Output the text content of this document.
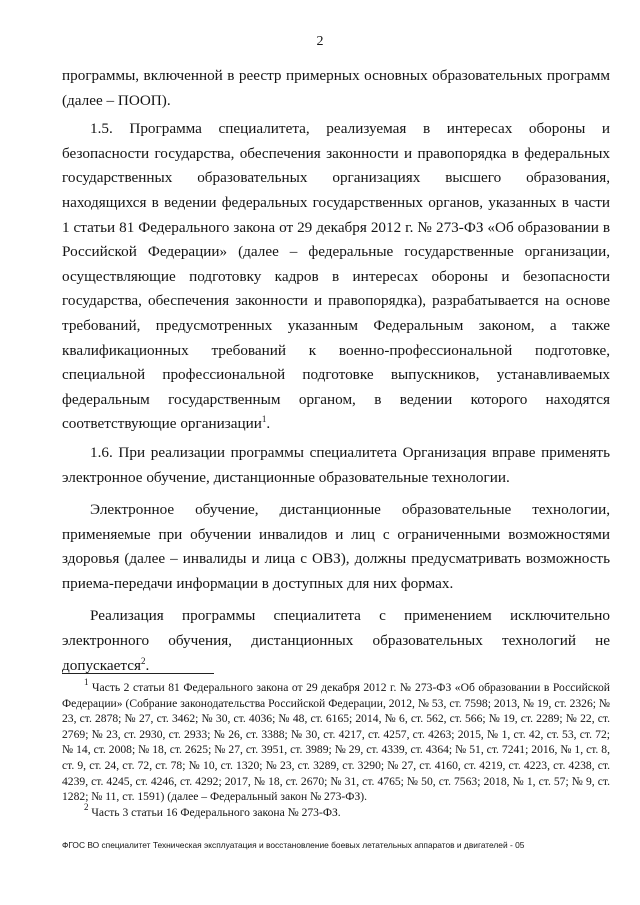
2

программы, включенной в реестр примерных основных образовательных программ (далее – ПООП).

1.5. Программа специалитета, реализуемая в интересах обороны и безопасности государства, обеспечения законности и правопорядка в федеральных государственных образовательных организациях высшего образования, находящихся в ведении федеральных государственных органов, указанных в части 1 статьи 81 Федерального закона от 29 декабря 2012 г. № 273-ФЗ «Об образовании в Российской Федерации» (далее – федеральные государственные организации, осуществляющие подготовку кадров в интересах обороны и безопасности государства, обеспечения законности и правопорядка), разрабатывается на основе требований, предусмотренных указанным Федеральным законом, а также квалификационных требований к военно-профессиональной подготовке, специальной профессиональной подготовке выпускников, устанавливаемых федеральным государственным органом, в ведении которого находятся соответствующие организации$^1$.

1.6. При реализации программы специалитета Организация вправе применять электронное обучение, дистанционные образовательные технологии.

Электронное обучение, дистанционные образовательные технологии, применяемые при обучении инвалидов и лиц с ограниченными возможностями здоровья (далее – инвалиды и лица с ОВЗ), должны предусматривать возможность приема-передачи информации в доступных для них формах.

Реализация программы специалитета с применением исключительно электронного обучения, дистанционных образовательных технологий не допускается$^2$.

$^1$ Часть 2 статьи 81 Федерального закона от 29 декабря 2012 г. № 273-ФЗ «Об образовании в Российской Федерации» (Собрание законодательства Российской Федерации, 2012, № 53, ст. 7598; 2013, № 19, ст. 2326; № 23, ст. 2878; № 27, ст. 3462; № 30, ст. 4036; № 48, ст. 6165; 2014, № 6, ст. 562, ст. 566; № 19, ст. 2289; № 22, ст. 2769; № 23, ст. 2930, ст. 2933; № 26, ст. 3388; № 30, ст. 4217, ст. 4257, ст. 4263; 2015, № 1, ст. 42, ст. 53, ст. 72; № 14, ст. 2008; № 18, ст. 2625; № 27, ст. 3951, ст. 3989; № 29, ст. 4339, ст. 4364; № 51, ст. 7241; 2016, № 1, ст. 8, ст. 9, ст. 24, ст. 72, ст. 78; № 10, ст. 1320; № 23, ст. 3289, ст. 3290; № 27, ст. 4160, ст. 4219, ст. 4223, ст. 4238, ст. 4239, ст. 4245, ст. 4246, ст. 4292; 2017, № 18, ст. 2670; № 31, ст. 4765; № 50, ст. 7563; 2018, № 1, ст. 57; № 9, ст. 1282; № 11, ст. 1591) (далее – Федеральный закон № 273-ФЗ).

$^2$ Часть 3 статьи 16 Федерального закона № 273-ФЗ.

ФГОС ВО специалитет Техническая эксплуатация и восстановление боевых летательных аппаратов и двигателей - 05
